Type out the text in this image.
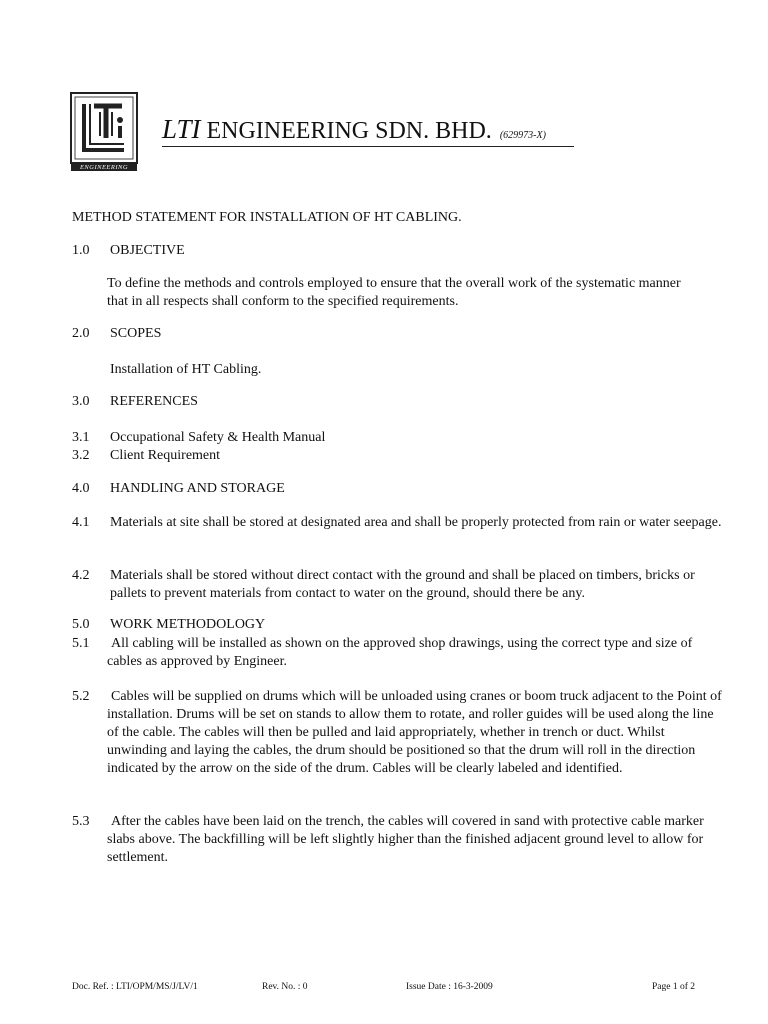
ENGINEERING
LTI ENGINEERING SDN. BHD. (629973-X)
METHOD STATEMENT FOR INSTALLATION OF HT CABLING.
1.0 OBJECTIVE
To define the methods and controls employed to ensure that the overall work of the systematic manner that in all respects shall conform to the specified requirements.
2.0 SCOPES
Installation of HT Cabling.
3.0 REFERENCES
3.1 Occupational Safety & Health Manual
3.2 Client Requirement
4.0 HANDLING AND STORAGE
4.1 Materials at site shall be stored at designated area and shall be properly protected from rain or water seepage.
4.2 Materials shall be stored without direct contact with the ground and shall be placed on timbers, bricks or pallets to prevent materials from contact to water on the ground, should there be any.
5.0 WORK METHODOLOGY
5.1 All cabling will be installed as shown on the approved shop drawings, using the correct type and size of cables as approved by Engineer.
5.2 Cables will be supplied on drums which will be unloaded using cranes or boom truck adjacent to the Point of installation. Drums will be set on stands to allow them to rotate, and roller guides will be used along the line of the cable. The cables will then be pulled and laid appropriately, whether in trench or duct. Whilst unwinding and laying the cables, the drum should be positioned so that the drum will roll in the direction indicated by the arrow on the side of the drum. Cables will be clearly labeled and identified.
5.3 After the cables have been laid on the trench, the cables will covered in sand with protective cable marker slabs above. The backfilling will be left slightly higher than the finished adjacent ground level to allow for settlement.
Doc. Ref. : LTI/OPM/MS/J/LV/1	Rev. No. : 0	Issue Date : 16-3-2009	Page 1 of 2
